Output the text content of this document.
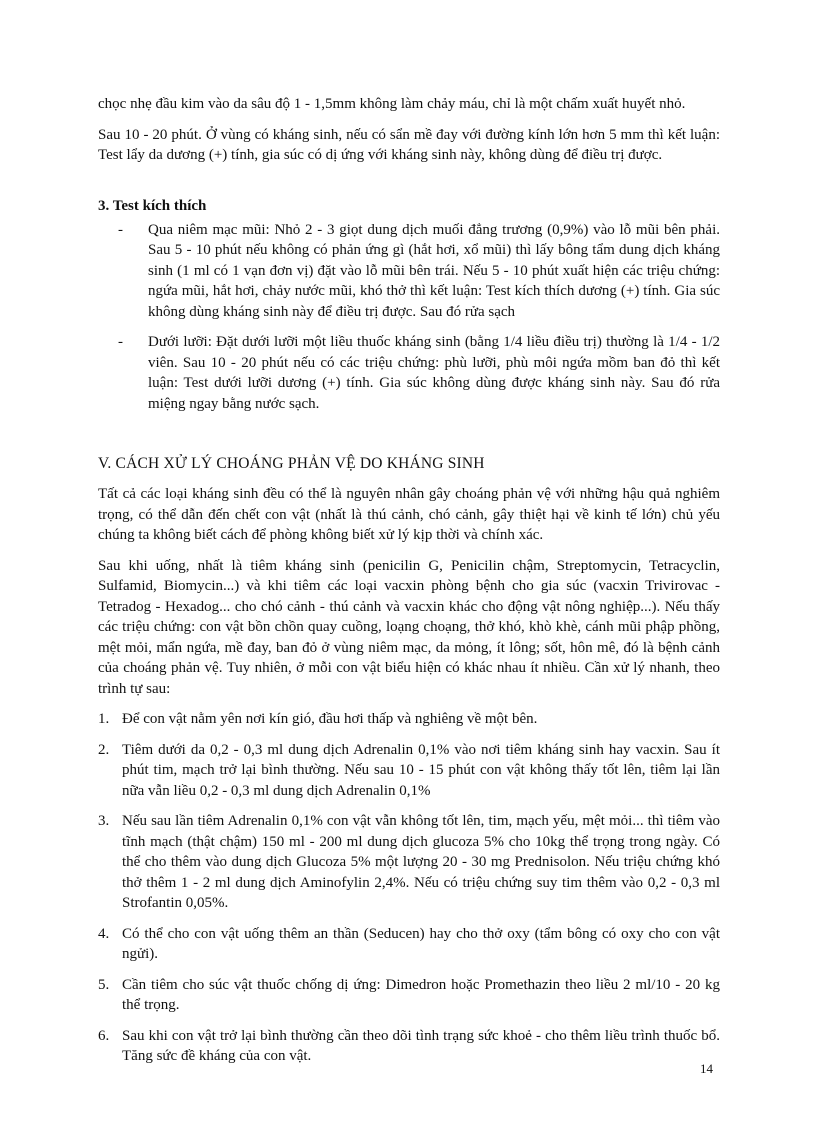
chọc nhẹ đầu kim vào da sâu độ 1 - 1,5mm không làm chảy máu, chỉ là một chấm xuất huyết nhỏ.

Sau 10 - 20 phút. Ở vùng có kháng sinh, nếu có sẩn mề đay với đường kính lớn hơn 5 mm thì kết luận: Test lẩy da dương (+) tính, gia súc có dị ứng với kháng sinh này, không dùng để điều trị được.

3. Test kích thích
- Qua niêm mạc mũi: Nhỏ 2 - 3 giọt dung dịch muối đẳng trương (0,9%) vào lỗ mũi bên phải. Sau 5 - 10 phút nếu không có phản ứng gì (hắt hơi, xổ mũi) thì lấy bông tẩm dung dịch kháng sinh (1 ml có 1 vạn đơn vị) đặt vào lỗ mũi bên trái. Nếu 5 - 10 phút xuất hiện các triệu chứng: ngứa mũi, hắt hơi, chảy nước mũi, khó thở thì kết luận: Test kích thích dương (+) tính. Gia súc không dùng kháng sinh này để điều trị được. Sau đó rửa sạch
- Dưới lưỡi: Đặt dưới lưỡi một liều thuốc kháng sinh (bằng 1/4 liều điều trị) thường là 1/4 - 1/2 viên. Sau 10 - 20 phút nếu có các triệu chứng: phù lưỡi, phù môi ngứa mồm ban đỏ thì kết luận: Test dưới lưỡi dương (+) tính. Gia súc không dùng được kháng sinh này. Sau đó rửa miệng ngay bằng nước sạch.
V. CÁCH XỬ LÝ CHOÁNG PHẢN VỆ DO KHÁNG SINH

Tất cả các loại kháng sinh đều có thể là nguyên nhân gây choáng phản vệ với những hậu quả nghiêm trọng, có thể dẫn đến chết con vật (nhất là thú cảnh, chó cảnh, gây thiệt hại về kinh tế lớn) chủ yếu chúng ta không biết cách để phòng không biết xử lý kịp thời và chính xác.

Sau khi uống, nhất là tiêm kháng sinh (penicilin G, Penicilin chậm, Streptomycin, Tetracyclin, Sulfamid, Biomycin...) và khi tiêm các loại vacxin phòng bệnh cho gia súc (vacxin Trivirovac - Tetradog - Hexadog... cho chó cảnh - thú cảnh và vacxin khác cho động vật nông nghiệp...). Nếu thấy các triệu chứng: con vật bồn chồn quay cuồng, loạng choạng, thở khó, khò khè, cánh mũi phập phồng, mệt mỏi, mẩn ngứa, mề đay, ban đỏ ở vùng niêm mạc, da mỏng, ít lông; sốt, hôn mê, đó là bệnh cảnh của choáng phản vệ. Tuy nhiên, ở mỗi con vật biểu hiện có khác nhau ít nhiều. Cần xử lý nhanh, theo trình tự sau:

1. Để con vật nằm yên nơi kín gió, đầu hơi thấp và nghiêng về một bên.
2. Tiêm dưới da 0,2 - 0,3 ml dung dịch Adrenalin 0,1% vào nơi tiêm kháng sinh hay vacxin. Sau ít phút tim, mạch trở lại bình thường. Nếu sau 10 - 15 phút con vật không thấy tốt lên, tiêm lại lần nữa vẫn liều 0,2 - 0,3 ml dung dịch Adrenalin 0,1%
3. Nếu sau lần tiêm Adrenalin 0,1% con vật vẫn không tốt lên, tim, mạch yếu, mệt mỏi... thì tiêm vào tĩnh mạch (thật chậm) 150 ml - 200 ml dung dịch glucoza 5% cho 10kg thể trọng trong ngày. Có thể cho thêm vào dung dịch Glucoza 5% một lượng 20 - 30 mg Prednisolon. Nếu triệu chứng khó thở thêm 1 - 2 ml dung dịch Aminofylin 2,4%. Nếu có triệu chứng suy tim thêm vào 0,2 - 0,3 ml Strofantin 0,05%.
4. Có thể cho con vật uống thêm an thần (Seducen) hay cho thở oxy (tẩm bông có oxy cho con vật ngửi).
5. Cần tiêm cho súc vật thuốc chống dị ứng: Dimedron hoặc Promethazin theo liều 2 ml/10 - 20 kg thể trọng.
6. Sau khi con vật trở lại bình thường cần theo dõi tình trạng sức khoẻ - cho thêm liều trình thuốc bổ. Tăng sức đề kháng của con vật.
14
